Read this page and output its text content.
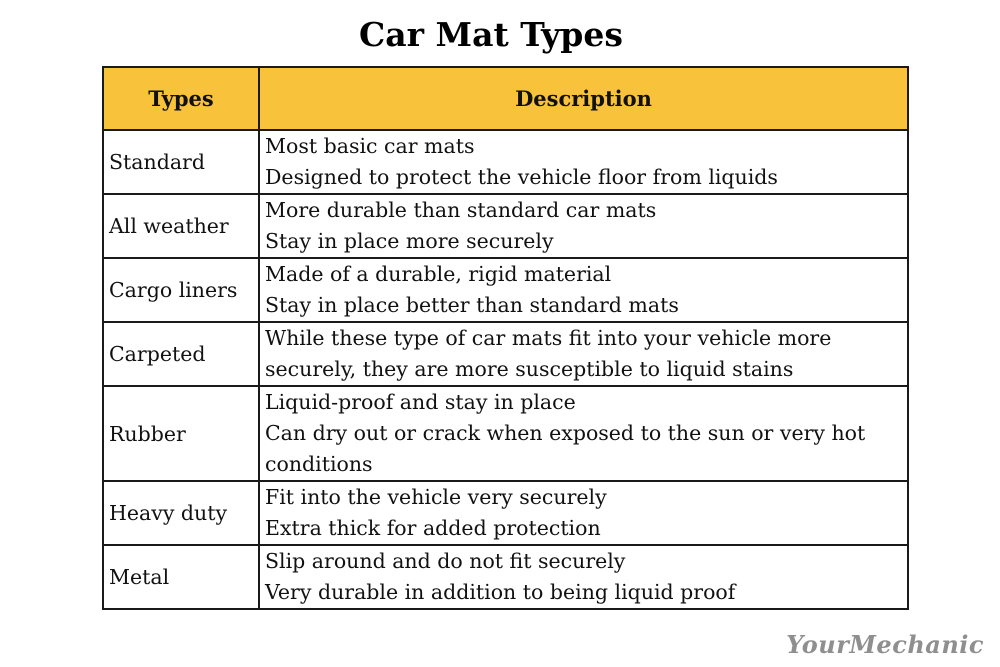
Car Mat Types
Types	Description
Standard	Most basic car mats
Designed to protect the vehicle floor from liquids

All weather	More durable than standard car mats
Stay in place more securely

Cargo liners	Made of a durable, rigid material
Stay in place better than standard mats

Carpeted	While these type of car mats fit into your vehicle more
securely, they are more susceptible to liquid stains

Rubber	Liquid-proof and stay in place
Can dry out or crack when exposed to the sun or very hot
conditions

Heavy duty	Fit into the vehicle very securely
Extra thick for added protection

Metal	Slip around and do not fit securely
Very durable in addition to being liquid proof
YourMechanic
